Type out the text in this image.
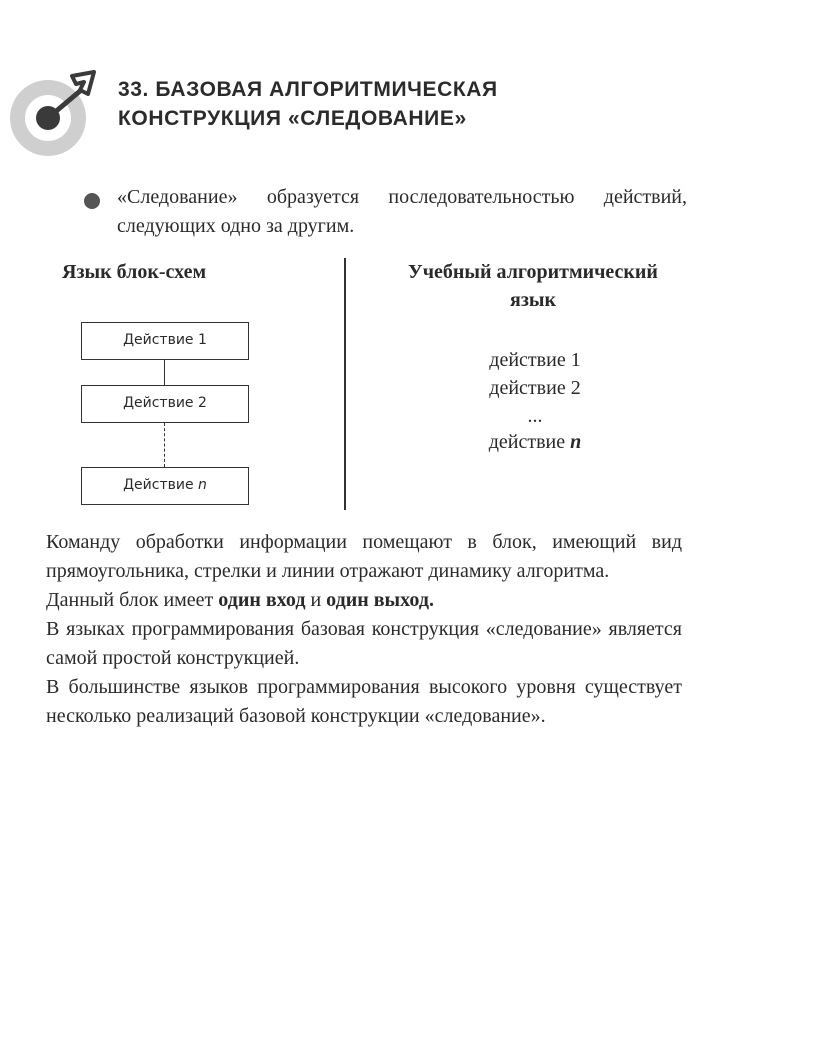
33. БАЗОВАЯ АЛГОРИТМИЧЕСКАЯ
КОНСТРУКЦИЯ «СЛЕДОВАНИЕ»
«Следование» образуется последовательностью действий, следующих одно за другим.
Язык блок-схем	Учебный алгоритмический язык
Действие 1
Действие 2
Действие n
действие 1
действие 2
...
действие n

Команду обработки информации помещают в блок, имеющий вид прямоугольника, стрелки и линии отражают динамику алгоритма.

Данный блок имеет один вход и один выход.

В языках программирования базовая конструкция «следование» является самой простой конструкцией.

В большинстве языков программирования высокого уровня существует несколько реализаций базовой конструкции «следование».
